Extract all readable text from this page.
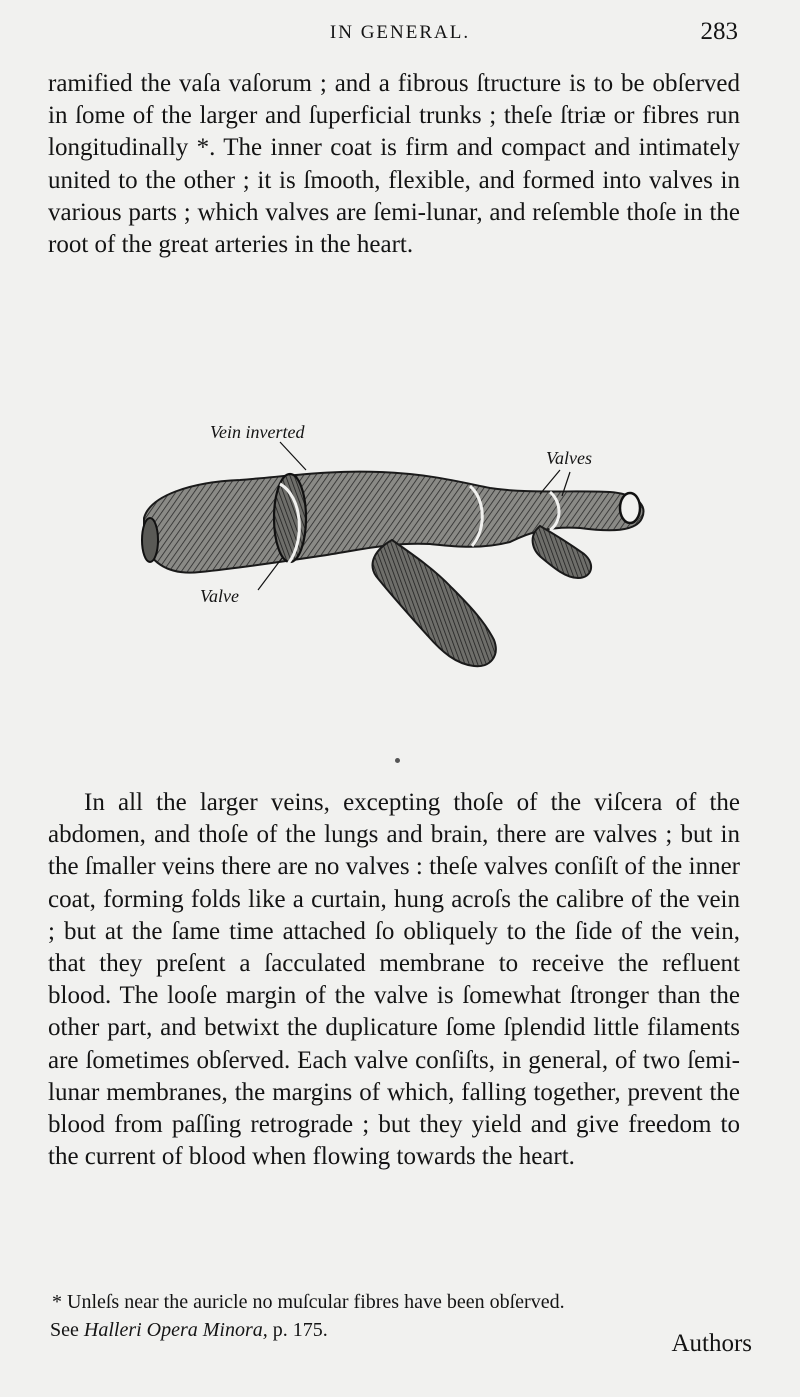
IN GENERAL.	283

ramified the vaſa vaſorum ; and a fibrous ſtructure is to be obſerved in ſome of the larger and ſuperficial trunks ; theſe ſtriæ or fibres run longitudinally *. The inner coat is firm and compact and intimately united to the other ; it is ſmooth, flexible, and formed into valves in various parts ; which valves are ſemi-lunar, and reſemble thoſe in the root of the great arteries in the heart.

Vein inverted
Valves
Valve

In all the larger veins, excepting thoſe of the viſcera of the abdomen, and thoſe of the lungs and brain, there are valves ; but in the ſmaller veins there are no valves : theſe valves conſiſt of the inner coat, forming folds like a curtain, hung acroſs the calibre of the vein ; but at the ſame time attached ſo obliquely to the ſide of the vein, that they preſent a ſacculated membrane to receive the refluent blood. The looſe margin of the valve is ſomewhat ſtronger than the other part, and betwixt the duplicature ſome ſplendid little filaments are ſometimes obſerved. Each valve conſiſts, in general, of two ſemi-lunar membranes, the margins of which, falling together, prevent the blood from paſſing retrograde ; but they yield and give freedom to the current of blood when flowing towards the heart.

* Unleſs near the auricle no muſcular fibres have been obſerved.
See Halleri Opera Minora, p. 175.	Authors
